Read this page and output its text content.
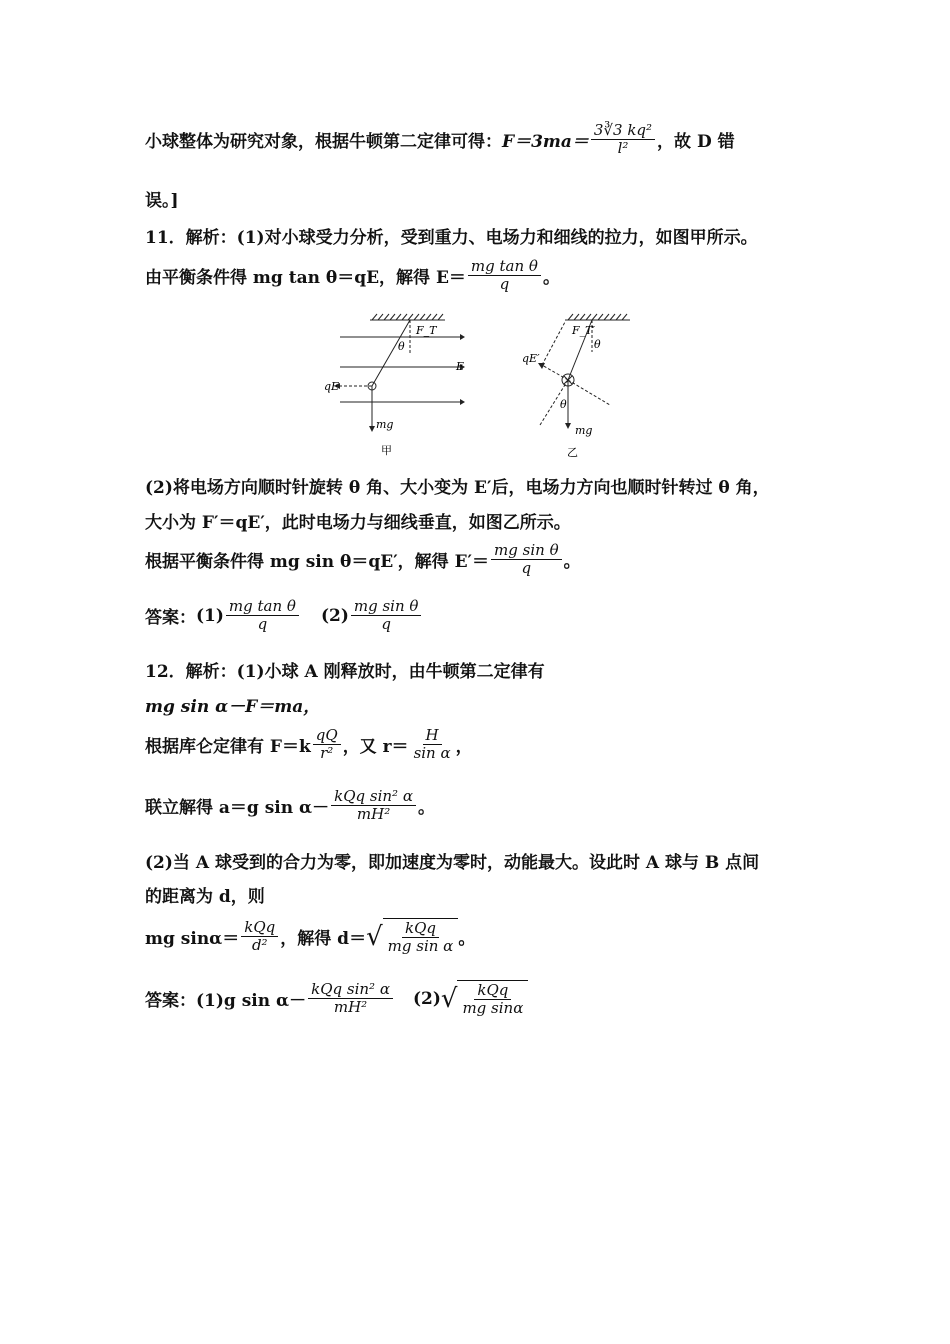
小球整体为研究对象，根据牛顿第二定律可得： $F=3ma= \frac{\text{3∛3 kq²}}{\text{l²}}$ ，故 D 错
误。]
11．解析：(1)对小球受力分析，受到重力、电场力和细线的拉力，如图甲所示。
由平衡条件得 mg tan θ＝qE，解得 $E= \frac{\text{mg tan θ}}{q}$ 。
F_T
θ
E
qE
mg
甲
F_T′
θ
qE′
θ
mg
乙
(2)将电场方向顺时针旋转 θ 角、大小变为 E′后，电场力方向也顺时针转过 θ 角，
大小为 F′＝qE′，此时电场力与细线垂直，如图乙所示。
根据平衡条件得 mg sin θ＝qE′，解得 $E'= \frac{\text{mg sin θ}}{q}$ 。
答案： $(1) \frac{\text{mg tan θ}}{q} (2) \frac{\text{mg sin θ}}{q}$
12．解析：(1)小球 A 刚释放时，由牛顿第二定律有
mg sin α－F＝ma，
根据库仑定律有 $F=k \frac{qQ}{\text{r²}}$ ，又 $r= \frac{H}{\text{sin α}}$ ，
联立解得 a＝g $\sin \alpha- \frac{\text{kQq sin² α}}{\text{mH²}}$ 。
(2)当 A 球受到的合力为零，即加速度为零时，动能最大。设此时 A 球与 B 点间
的距离为 d，则
mg $\sin\alpha= \frac{\text{kQq}}{\text{d²}}$ ，解得 d＝ √ $\frac{\text{kQq}}{\text{mg sin α}}$ 。
答案： (1)g $\sin \alpha- \frac{\text{kQq sin² α}}{\text{mH²}} (2)$ √ $\frac{\text{kQq}}{\text{mg sinα}}$
